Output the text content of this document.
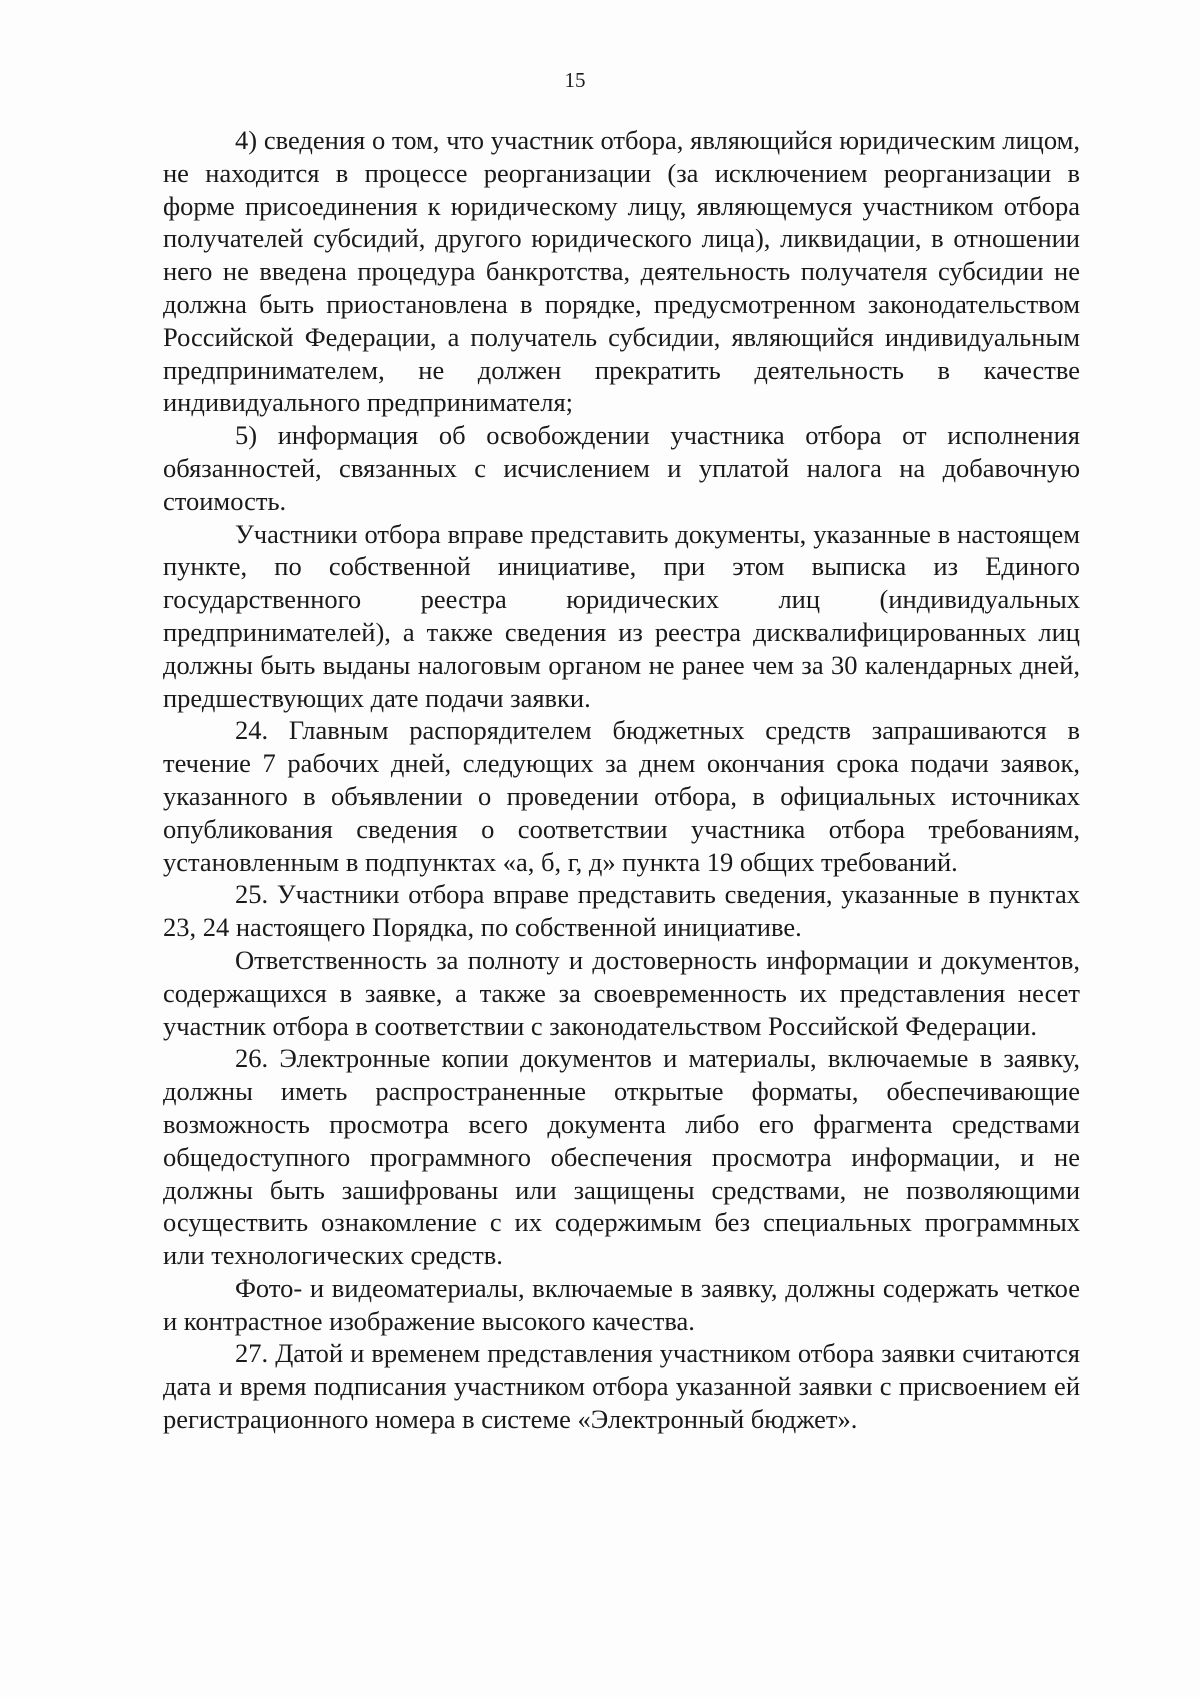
15

4) сведения о том, что участник отбора, являющийся юридическим лицом, не находится в процессе реорганизации (за исключением реорганизации в форме присоединения к юридическому лицу, являющемуся участником отбора получателей субсидий, другого юридического лица), ликвидации, в отношении него не введена процедура банкротства, деятельность получателя субсидии не должна быть приостановлена в порядке, предусмотренном законодательством Российской Федерации, а получатель субсидии, являющийся индивидуальным предпринимателем, не должен прекратить деятельность в качестве индивидуального предпринимателя;

5) информация об освобождении участника отбора от исполнения обязанностей, связанных с исчислением и уплатой налога на добавочную стоимость.

Участники отбора вправе представить документы, указанные в настоящем пункте, по собственной инициативе, при этом выписка из Единого государственного реестра юридических лиц (индивидуальных предпринимателей), а также сведения из реестра дисквалифицированных лиц должны быть выданы налоговым органом не ранее чем за 30 календарных дней, предшествующих дате подачи заявки.

24. Главным распорядителем бюджетных средств запрашиваются в течение 7 рабочих дней, следующих за днем окончания срока подачи заявок, указанного в объявлении о проведении отбора, в официальных источниках опубликования сведения о соответствии участника отбора требованиям, установленным в подпунктах «а, б, г, д» пункта 19 общих требований.

25. Участники отбора вправе представить сведения, указанные в пунктах 23, 24 настоящего Порядка, по собственной инициативе.

Ответственность за полноту и достоверность информации и документов, содержащихся в заявке, а также за своевременность их представления несет участник отбора в соответствии с законодательством Российской Федерации.

26. Электронные копии документов и материалы, включаемые в заявку, должны иметь распространенные открытые форматы, обеспечивающие возможность просмотра всего документа либо его фрагмента средствами общедоступного программного обеспечения просмотра информации, и не должны быть зашифрованы или защищены средствами, не позволяющими осуществить ознакомление с их содержимым без специальных программных или технологических средств.

Фото- и видеоматериалы, включаемые в заявку, должны содержать четкое и контрастное изображение высокого качества.

27. Датой и временем представления участником отбора заявки считаются дата и время подписания участником отбора указанной заявки с присвоением ей регистрационного номера в системе «Электронный бюджет».
